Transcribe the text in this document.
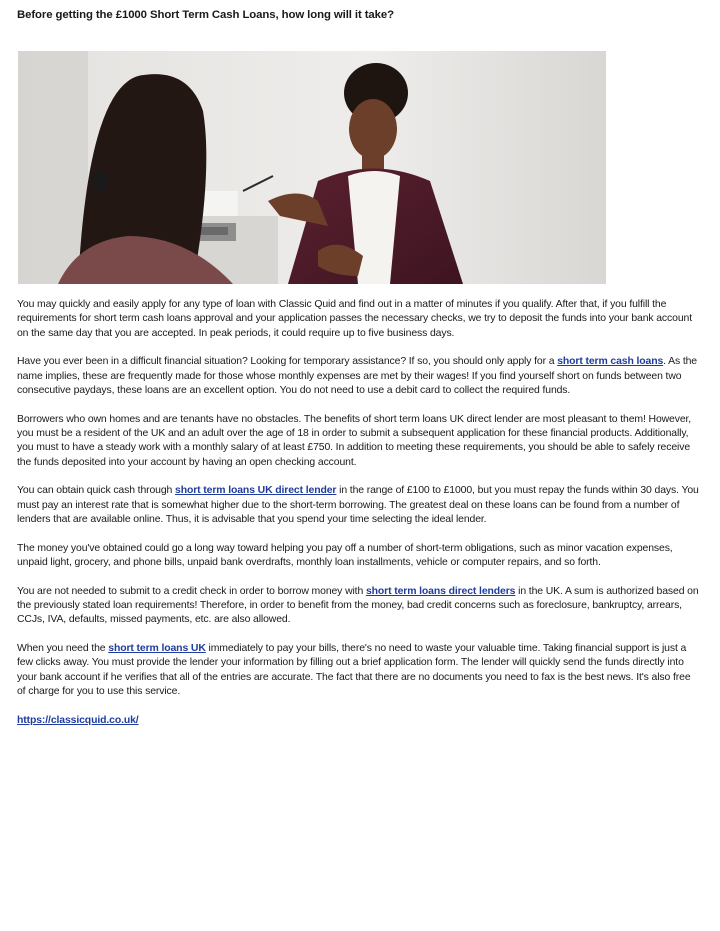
Before getting the £1000 Short Term Cash Loans, how long will it take?

You may quickly and easily apply for any type of loan with Classic Quid and find out in a matter of minutes if you qualify. After that, if you fulfill the requirements for short term cash loans approval and your application passes the necessary checks, we try to deposit the funds into your bank account on the same day that you are accepted. In peak periods, it could require up to five business days.

Have you ever been in a difficult financial situation? Looking for temporary assistance? If so, you should only apply for a short term cash loans. As the name implies, these are frequently made for those whose monthly expenses are met by their wages! If you find yourself short on funds between two consecutive paydays, these loans are an excellent option. You do not need to use a debit card to collect the required funds.

Borrowers who own homes and are tenants have no obstacles. The benefits of short term loans UK direct lender are most pleasant to them! However, you must be a resident of the UK and an adult over the age of 18 in order to submit a subsequent application for these financial products. Additionally, you must to have a steady work with a monthly salary of at least £750. In addition to meeting these requirements, you should be able to safely receive the funds deposited into your account by having an open checking account.

You can obtain quick cash through short term loans UK direct lender in the range of £100 to £1000, but you must repay the funds within 30 days. You must pay an interest rate that is somewhat higher due to the short-term borrowing. The greatest deal on these loans can be found from a number of lenders that are available online. Thus, it is advisable that you spend your time selecting the ideal lender.

The money you've obtained could go a long way toward helping you pay off a number of short-term obligations, such as minor vacation expenses, unpaid light, grocery, and phone bills, unpaid bank overdrafts, monthly loan installments, vehicle or computer repairs, and so forth.

You are not needed to submit to a credit check in order to borrow money with short term loans direct lenders in the UK. A sum is authorized based on the previously stated loan requirements! Therefore, in order to benefit from the money, bad credit concerns such as foreclosure, bankruptcy, arrears, CCJs, IVA, defaults, missed payments, etc. are also allowed.

When you need the short term loans UK immediately to pay your bills, there's no need to waste your valuable time. Taking financial support is just a few clicks away. You must provide the lender your information by filling out a brief application form. The lender will quickly send the funds directly into your bank account if he verifies that all of the entries are accurate. The fact that there are no documents you need to fax is the best news. It's also free of charge for you to use this service.

https://classicquid.co.uk/
